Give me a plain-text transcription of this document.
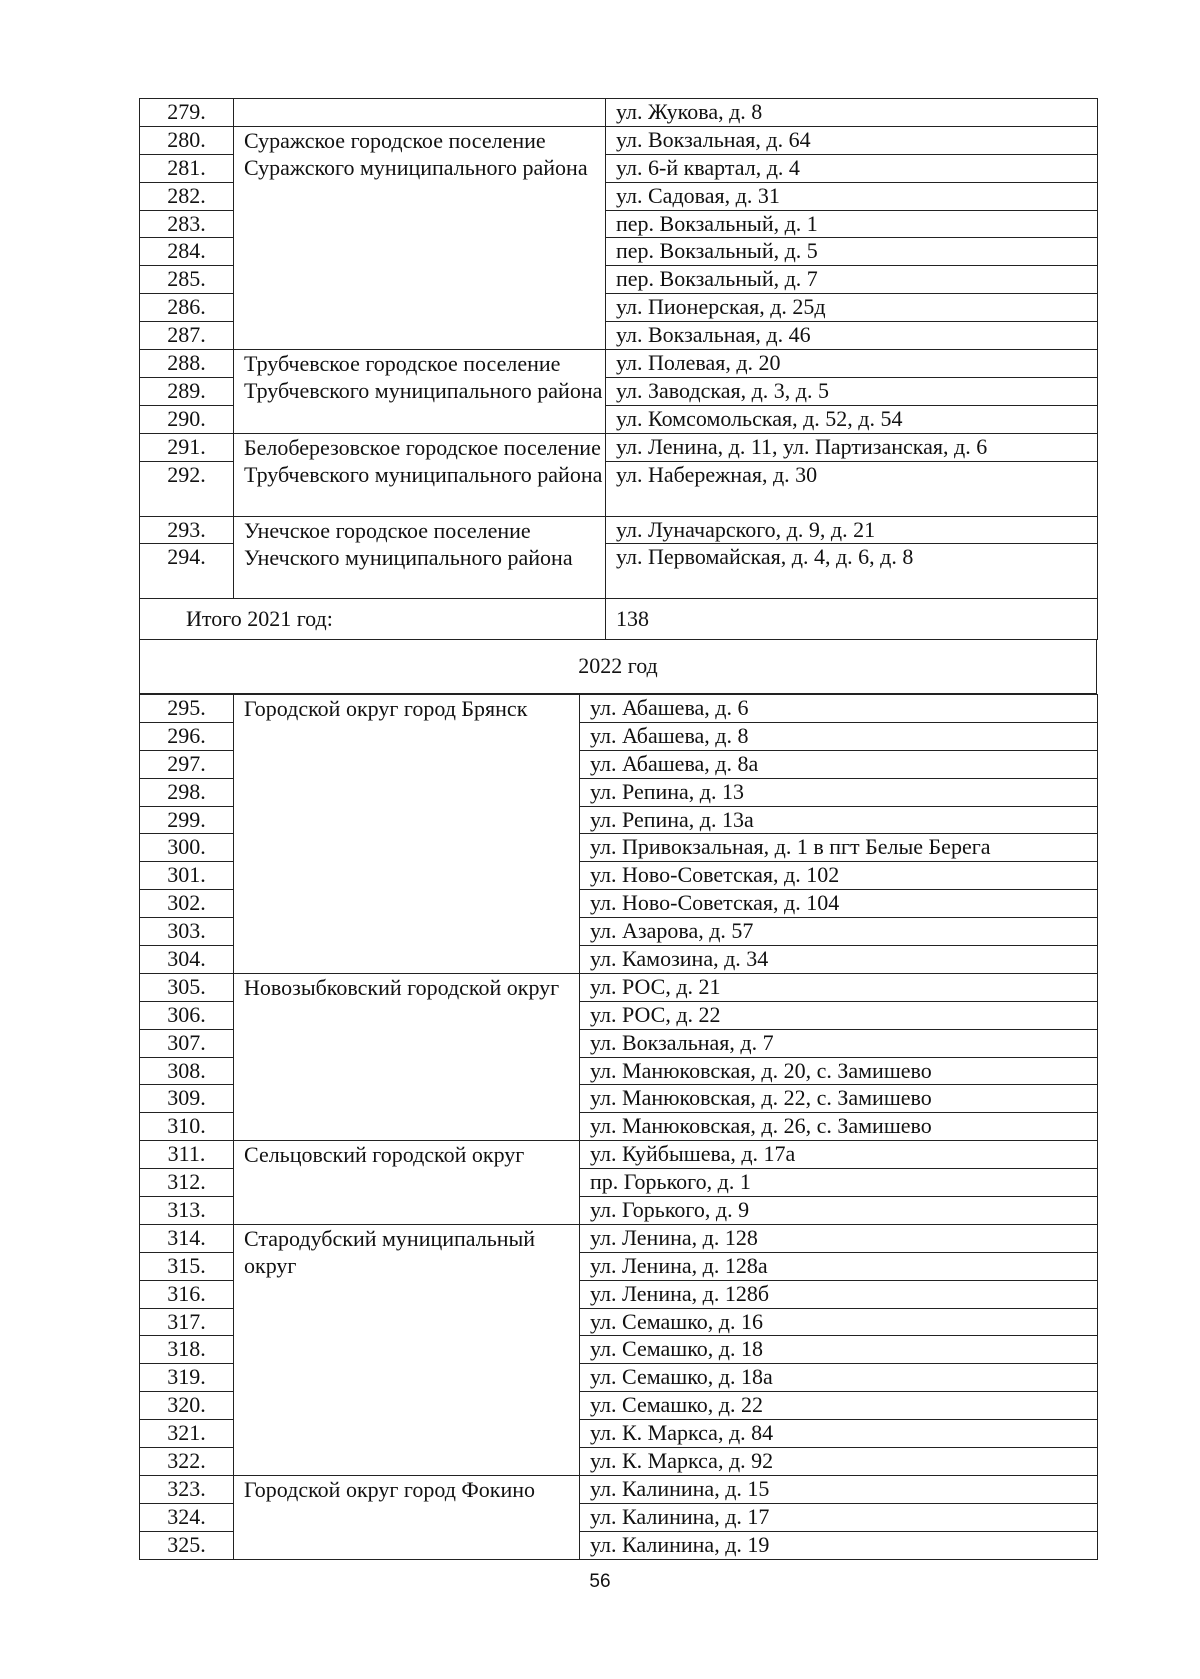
279.		ул. Жукова, д. 8
280.	Суражское городское поселение Суражского муниципального района	ул. Вокзальная, д. 64
281.		ул. 6-й квартал, д. 4
282.		ул. Садовая, д. 31
283.		пер. Вокзальный, д. 1
284.		пер. Вокзальный, д. 5
285.		пер. Вокзальный, д. 7
286.		ул. Пионерская, д. 25д
287.		ул. Вокзальная, д. 46
288.	Трубчевское городское поселение Трубчевского муниципального района	ул. Полевая, д. 20
289.		ул. Заводская, д. 3, д. 5
290.		ул. Комсомольская, д. 52, д. 54
291.	Белоберезовское городское поселение Трубчевского муниципального района	ул. Ленина, д. 11, ул. Партизанская, д. 6
292.		ул. Набережная, д. 30
293.	Унечское городское поселение Унечского муниципального района	ул. Луначарского, д. 9, д. 21
294.		ул. Первомайская, д. 4, д. 6, д. 8
Итого 2021 год:		138
2022 год
295.	Городской округ город Брянск	ул. Абашева, д. 6
296.		ул. Абашева, д. 8
297.		ул. Абашева, д. 8а
298.		ул. Репина, д. 13
299.		ул. Репина, д. 13а
300.		ул. Привокзальная, д. 1 в пгт Белые Берега
301.		ул. Ново-Советская, д. 102
302.		ул. Ново-Советская, д. 104
303.		ул. Азарова, д. 57
304.		ул. Камозина, д. 34
305.	Новозыбковский городской округ	ул. РОС, д. 21
306.		ул. РОС, д. 22
307.		ул. Вокзальная, д. 7
308.		ул. Манюковская, д. 20, с. Замишево
309.		ул. Манюковская, д. 22, с. Замишево
310.		ул. Манюковская, д. 26, с. Замишево
311.	Сельцовский городской округ	ул. Куйбышева, д. 17а
312.		пр. Горького, д. 1
313.		ул. Горького, д. 9
314.	Стародубский муниципальный округ	ул. Ленина, д. 128
315.		ул. Ленина, д. 128а
316.		ул. Ленина, д. 128б
317.		ул. Семашко, д. 16
318.		ул. Семашко, д. 18
319.		ул. Семашко, д. 18а
320.		ул. Семашко, д. 22
321.		ул. К. Маркса, д. 84
322.		ул. К. Маркса, д. 92
323.	Городской округ город Фокино	ул. Калинина, д. 15
324.		ул. Калинина, д. 17
325.		ул. Калинина, д. 19
56
